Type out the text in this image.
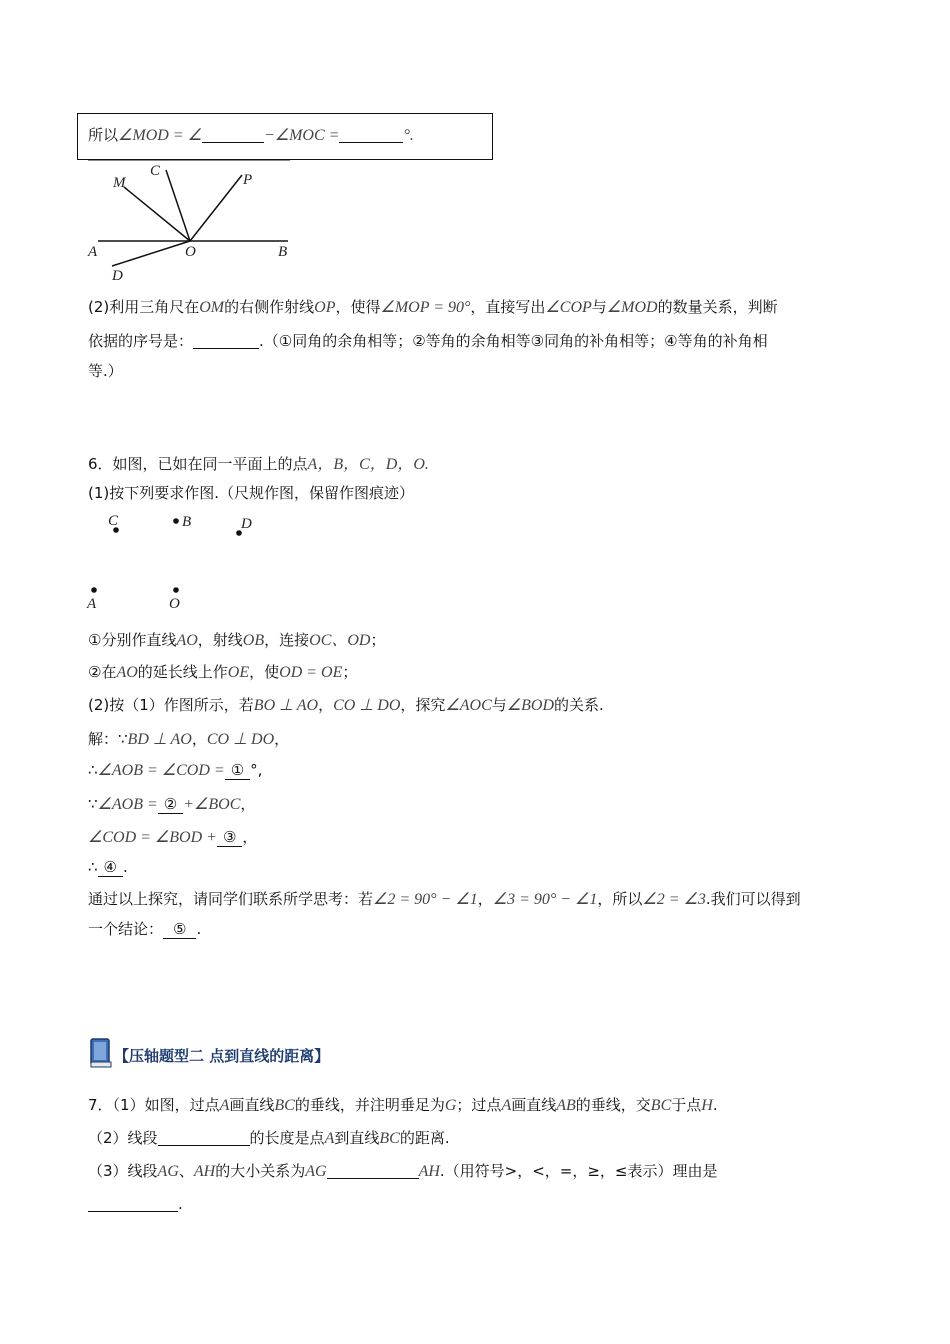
所以∠MOD = ∠	−∠MOC =	°.
M
C
P
A	O	B
D
(2)利用三角尺在OM的右侧作射线OP，使得∠MOP = 90°，直接写出∠COP与∠MOD的数量关系，判断
依据的序号是：	.（①同角的余角相等；②等角的余角相等③同角的补角相等；④等角的补角相
等.）
6．如图，已如在同一平面上的点A，B，C，D，O.
(1)按下列要求作图.（尺规作图，保留作图痕迹）
C	B	D
A	O
①分别作直线AO，射线OB，连接OC、OD；
②在AO的延长线上作OE，使OD = OE；
(2)按（1）作图所示，若BO ⊥ AO，CO ⊥ DO，探究∠AOC与∠BOD的关系.
解：∵BD ⊥ AO，CO ⊥ DO，
∴∠AOB = ∠COD = ① °,
∵∠AOB = ② +∠BOC，
∠COD = ∠BOD + ③ ，
∴ ④ .
通过以上探究，请同学们联系所学思考：若∠2 = 90° − ∠1，∠3 = 90° − ∠1，所以∠2 = ∠3.我们可以得到
一个结论： ⑤ .
【压轴题型二 点到直线的距离】
7．（1）如图，过点A画直线BC的垂线，并注明垂足为G；过点A画直线AB的垂线，交BC于点H.
（2）线段	的长度是点A到直线BC的距离.
（3）线段AG、AH的大小关系为AG	AH.（用符号>，<，=，≥，≤表示）理由是
.
